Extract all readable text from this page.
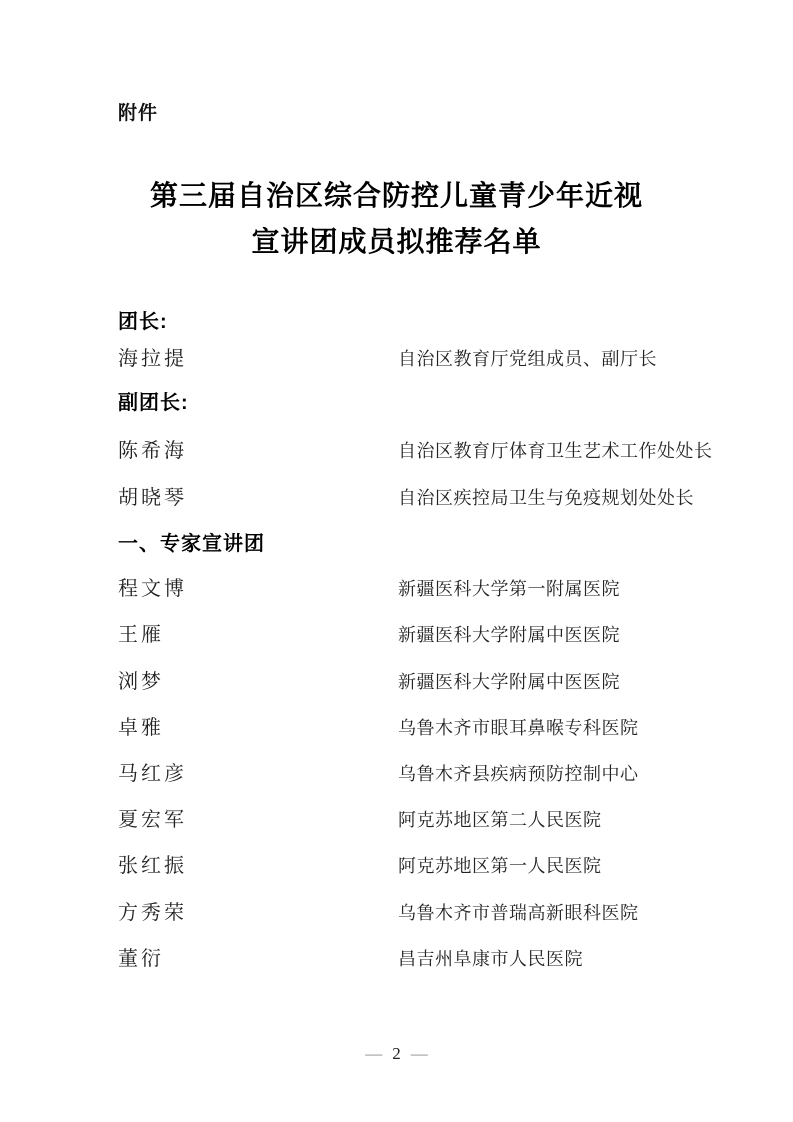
附件
第三届自治区综合防控儿童青少年近视
宣讲团成员拟推荐名单
团长:
海拉提	自治区教育厅党组成员、副厅长
副团长:
陈希海	自治区教育厅体育卫生艺术工作处处长
胡晓琴	自治区疾控局卫生与免疫规划处处长
一、专家宣讲团
程文博	新疆医科大学第一附属医院
王雁	新疆医科大学附属中医医院
浏梦	新疆医科大学附属中医医院
卓雅	乌鲁木齐市眼耳鼻喉专科医院
马红彦	乌鲁木齐县疾病预防控制中心
夏宏军	阿克苏地区第二人民医院
张红振	阿克苏地区第一人民医院
方秀荣	乌鲁木齐市普瑞高新眼科医院
董衍	昌吉州阜康市人民医院
— 2 —
